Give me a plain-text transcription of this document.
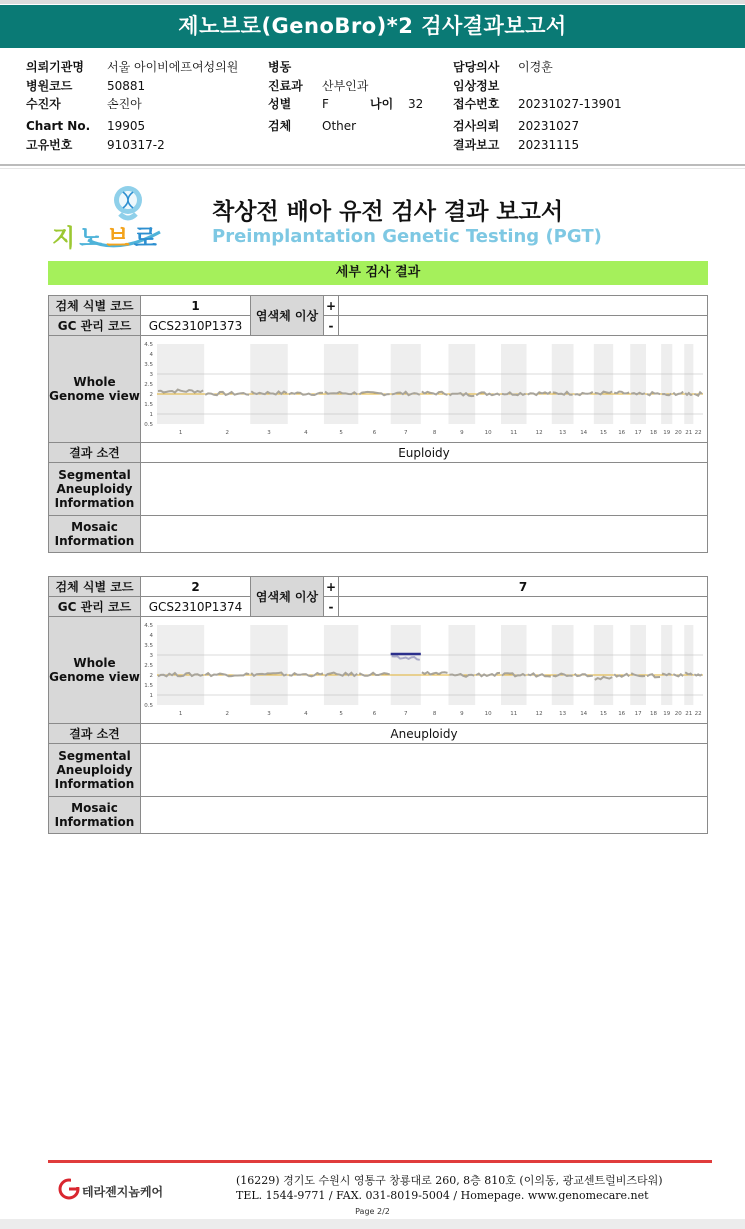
제노브로(GenoBro)*2 검사결과보고서
의뢰기관명 서울 아이비에프여성의원
병원코드	50881
수진자	손진아
Chart No. 19905
고유번호	910317-2
병동
진료과 산부인과
성별	F	나이 32
검체	Other
담당의사 이경훈
임상정보
접수번호 20231027-13901
검사의뢰 20231027
결과보고 20231115
지노브로
착상전 배아 유전 검사 결과 보고서
Preimplantation Genetic Testing (PGT)
세부 검사 결과
검체 식별 코드	1
염색체 이상
+
GC 관리 코드	GCS2310P1373	-
Whole Genome view
4.5
4
3.5
3
2.5
2
1.5
1
0.5
1	2	3	4	5	6	7	8	9	10	11	12	13	14 15 16 17 18 19 20 21 22
결과 소견	Euploidy
Segmental Aneuploidy Information
Mosaic Information
검체 식별 코드	2
염색체 이상
+	7
GC 관리 코드	GCS2310P1374	-
Whole Genome view
4.5
4
3.5
3
2.5
2
1.5
1
0.5
1	2	3	4	5	6	7	8	9	10	11	12	13	14 15 16 17 18 19 20 21 22
결과 소견	Aneuploidy
Segmental Aneuploidy Information
Mosaic Information
테라젠지놈케어
(16229) 경기도 수원시 영통구 창룡대로 260, 8층 810호 (이의동, 광교센트럴비즈타워)
TEL. 1544-9771 / FAX. 031-8019-5004 / Homepage. www.genomecare.net
Page 2/2
